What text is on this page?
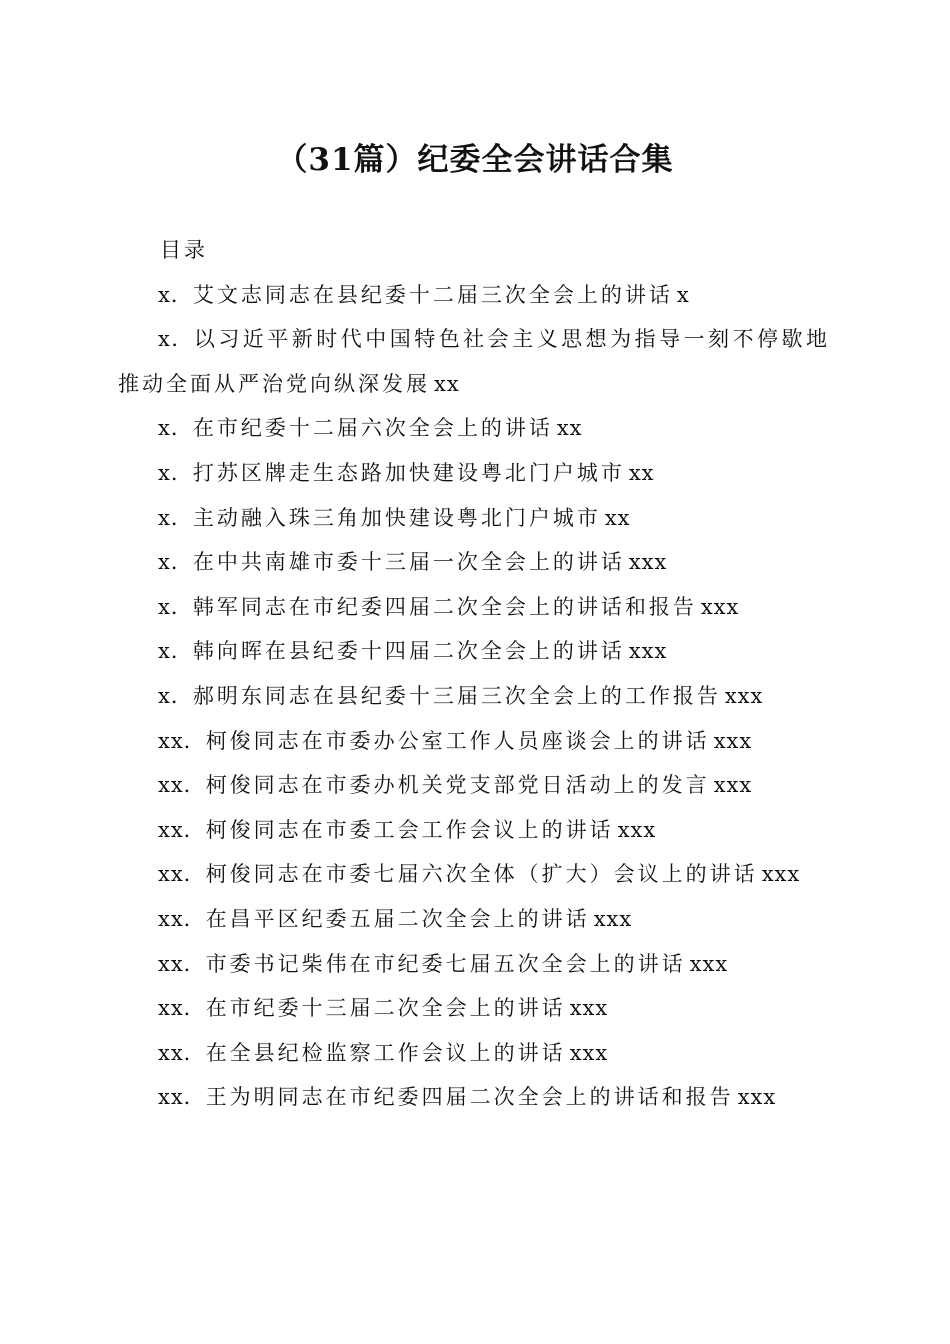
（31篇）纪委全会讲话合集
目录
x．艾文志同志在县纪委十二届三次全会上的讲话 x
x．以习近平新时代中国特色社会主义思想为指导一刻不停歇地推动全面从严治党向纵深发展 xx
x．在市纪委十二届六次全会上的讲话 xx
x．打苏区牌走生态路加快建设粤北门户城市 xx
x．主动融入珠三角加快建设粤北门户城市 xx
x．在中共南雄市委十三届一次全会上的讲话 xxx
x．韩军同志在市纪委四届二次全会上的讲话和报告 xxx
x．韩向晖在县纪委十四届二次全会上的讲话 xxx
x．郝明东同志在县纪委十三届三次全会上的工作报告 xxx
xx．柯俊同志在市委办公室工作人员座谈会上的讲话 xxx
xx．柯俊同志在市委办机关党支部党日活动上的发言 xxx
xx．柯俊同志在市委工会工作会议上的讲话 xxx
xx．柯俊同志在市委七届六次全体（扩大）会议上的讲话 xxx
xx．在昌平区纪委五届二次全会上的讲话 xxx
xx．市委书记柴伟在市纪委七届五次全会上的讲话 xxx
xx．在市纪委十三届二次全会上的讲话 xxx
xx．在全县纪检监察工作会议上的讲话 xxx
xx．王为明同志在市纪委四届二次全会上的讲话和报告 xxx
